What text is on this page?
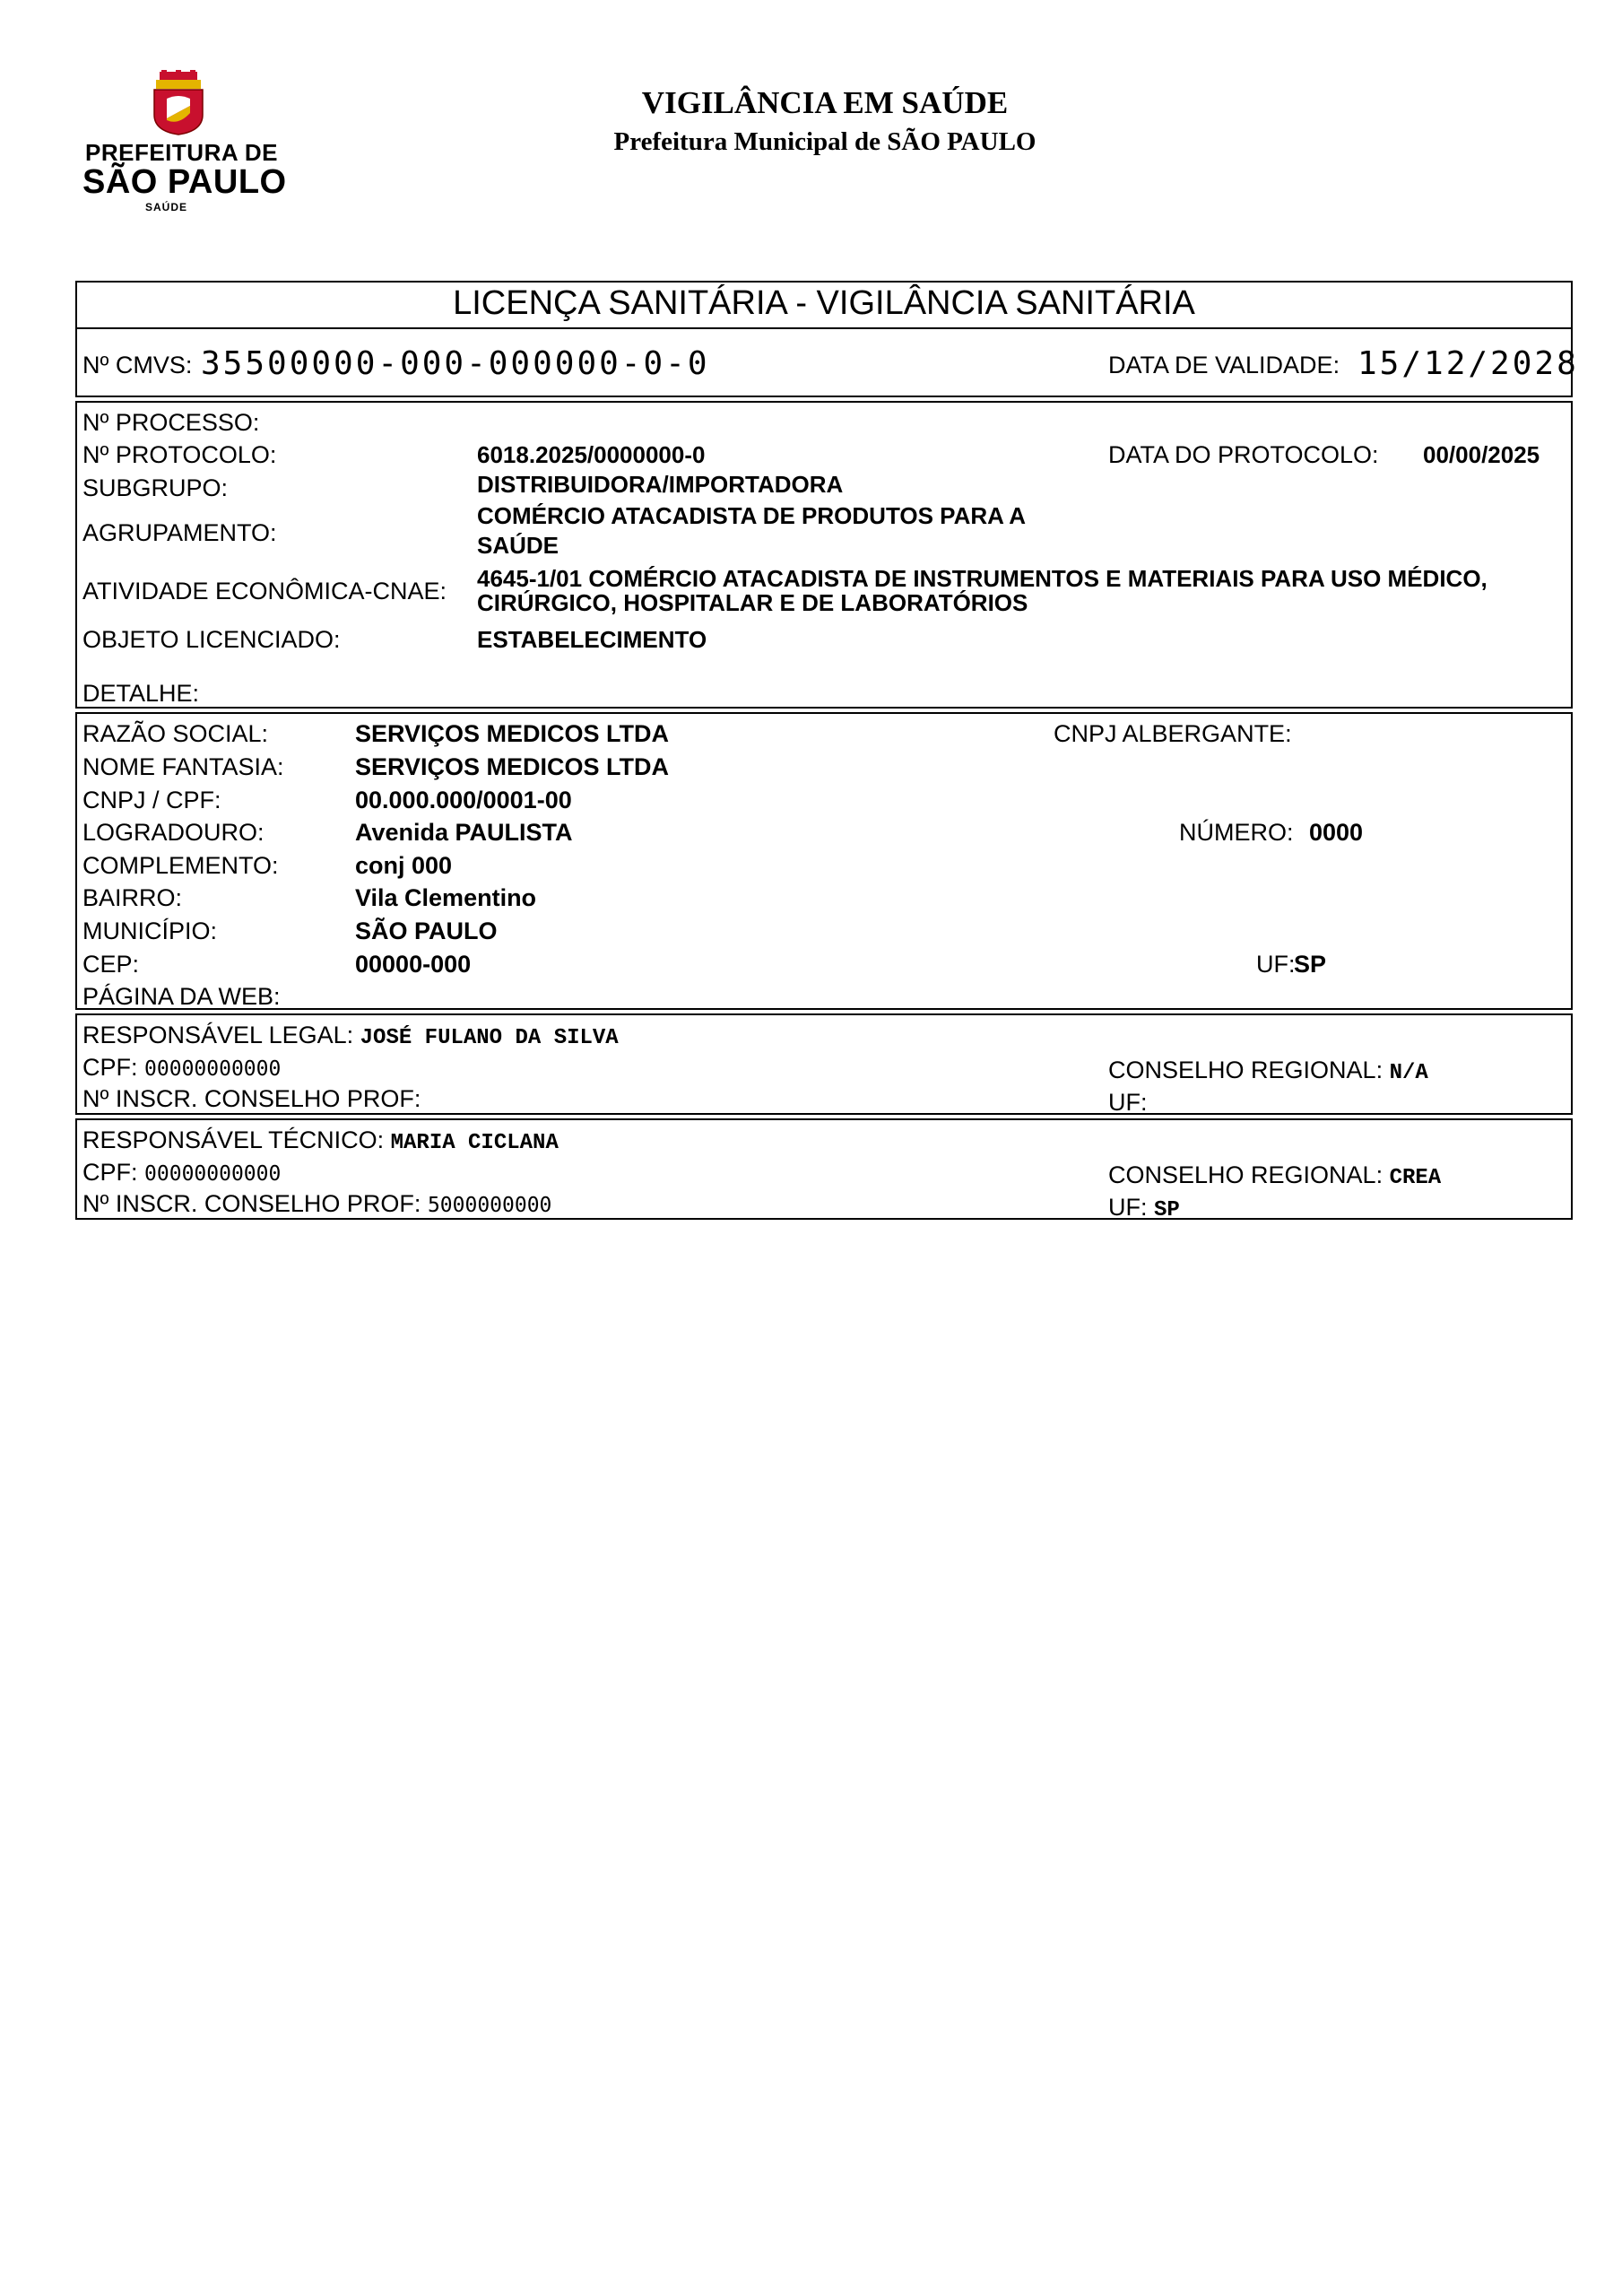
PREFEITURA DE
SÃO PAULO
SAÚDE
VIGILÂNCIA EM SAÚDE
Prefeitura Municipal de SÃO PAULO
LICENÇA SANITÁRIA - VIGILÂNCIA SANITÁRIA
Nº CMVS: 35500000-000-000000-0-0	DATA DE VALIDADE: 15/12/2028
Nº PROCESSO:
Nº PROTOCOLO:	6018.2025/0000000-0	DATA DO PROTOCOLO: 00/00/2025
SUBGRUPO:	DISTRIBUIDORA/IMPORTADORA
AGRUPAMENTO:
COMÉRCIO ATACADISTA DE PRODUTOS PARA A
SAÚDE
ATIVIDADE ECONÔMICA-CNAE: 4645-1/01 COMÉRCIO ATACADISTA DE INSTRUMENTOS E MATERIAIS PARA USO MÉDICO,
CIRÚRGICO, HOSPITALAR E DE LABORATÓRIOS
OBJETO LICENCIADO:	ESTABELECIMENTO
DETALHE:
RAZÃO SOCIAL:	SERVIÇOS MEDICOS LTDA	CNPJ ALBERGANTE:
NOME FANTASIA:	SERVIÇOS MEDICOS LTDA
CNPJ / CPF:	00.000.000/0001-00
LOGRADOURO:	Avenida PAULISTA	NÚMERO: 0000
COMPLEMENTO:	conj 000
BAIRRO:	Vila Clementino
MUNICÍPIO:	SÃO PAULO
CEP:	00000-000	UF:
SP
PÁGINA DA WEB:
RESPONSÁVEL LEGAL: JOSÉ FULANO DA SILVA
CPF: 00000000000	CONSELHO REGIONAL: N/A
Nº INSCR. CONSELHO PROF:	UF:
RESPONSÁVEL TÉCNICO: MARIA CICLANA
CPF: 00000000000	CONSELHO REGIONAL: CREA
Nº INSCR. CONSELHO PROF: 5000000000	UF: SP
